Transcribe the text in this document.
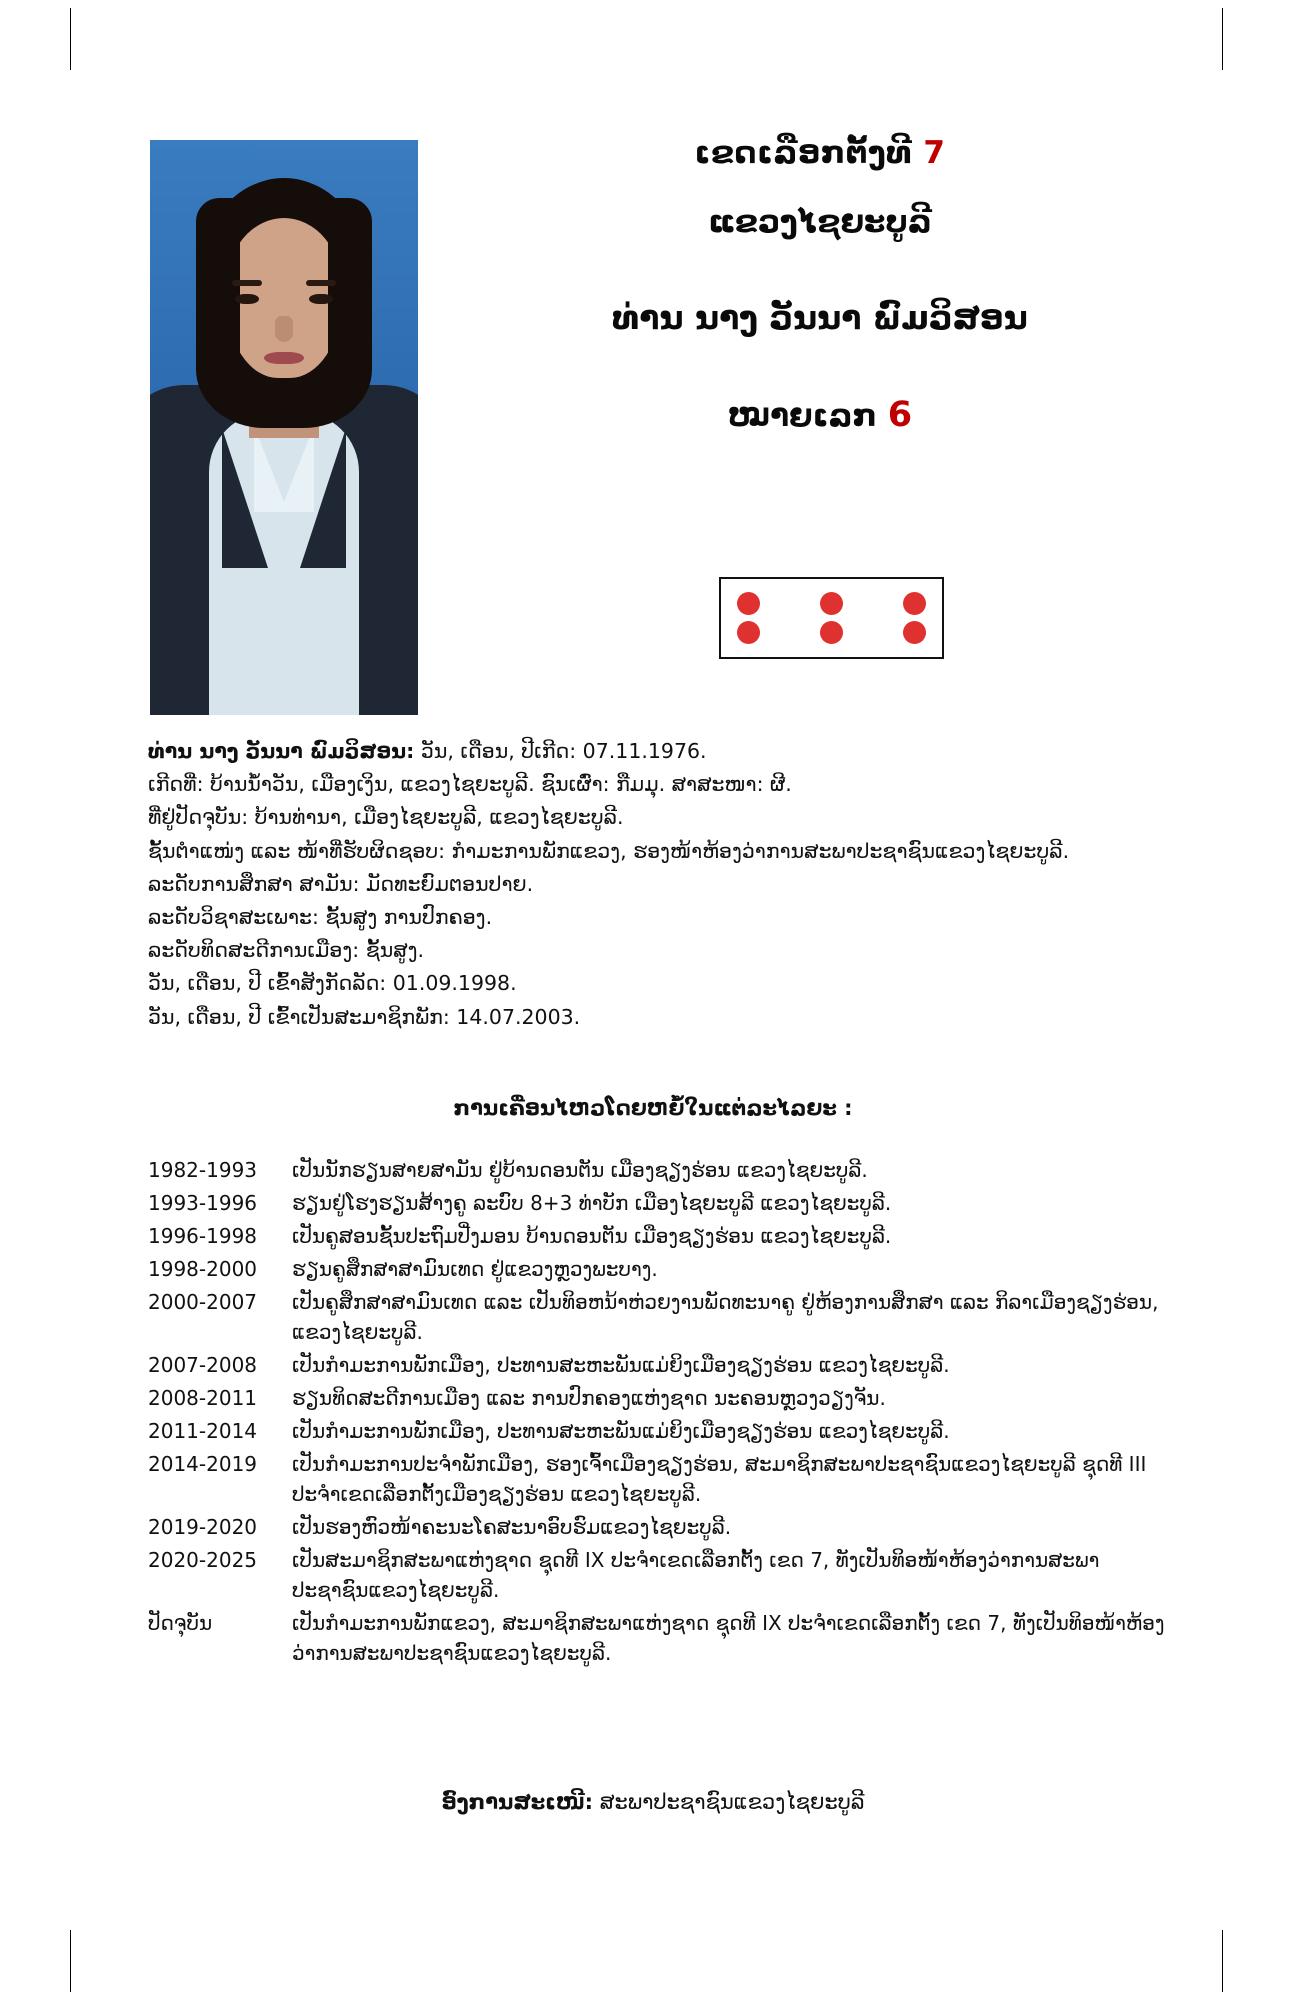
ເຂດເລືອກຕັ້ງທີ 7
ແຂວງໄຊຍະບູລີ
ທ່ານ ນາງ ວັນນາ ພົມວິສອນ
ໝາຍເລກ 6
ທ່ານ ນາງ ວັນນາ ພົມວິສອນ: ວັນ, ເດືອນ, ປີເກີດ: 07.11.1976.
ເກີດທີ່: ບ້ານນ້ຳວັນ, ເມືອງເງິນ, ແຂວງໄຊຍະບູລີ. ຊົນເຜົ່າ: ກືມມຸ. ສາສະໜາ: ຜີ.
ທີ່ຢູ່ປັດຈຸບັນ: ບ້ານທ່ານາ, ເມືອງໄຊຍະບູລີ, ແຂວງໄຊຍະບູລີ.
ຊັ້ນຕຳແໜ່ງ ແລະ ໜ້າທີ່ຮັບຜິດຊອບ: ກຳມະການພັກແຂວງ, ຮອງໜ້າຫ້ອງວ່າການສະພາປະຊາຊົນແຂວງໄຊຍະບູລີ.
ລະດັບການສຶກສາ ສາມັນ: ມັດທະຍົມຕອນປາຍ.
ລະດັບວິຊາສະເພາະ: ຊັ້ນສູງ ການປົກຄອງ.
ລະດັບທິດສະດີການເມືອງ: ຊັ້ນສູງ.
ວັນ, ເດືອນ, ປີ ເຂົ້າສັງກັດລັດ: 01.09.1998.
ວັນ, ເດືອນ, ປີ ເຂົ້າເປັນສະມາຊິກພັກ: 14.07.2003.
ການເຄື່ອນໄຫວໂດຍຫຍໍ້ໃນແຕ່ລະໄລຍະ :
1982-1993	ເປັນນັກຮຽນສາຍສາມັນ ຢູ່ບ້ານດອນຕັນ ເມືອງຊຽງຮ່ອນ ແຂວງໄຊຍະບູລີ.
1993-1996	ຮຽນຢູ່ໂຮງຮຽນສ້າງຄູ ລະບົບ 8+3 ທ່າບັກ ເມືອງໄຊຍະບູລີ ແຂວງໄຊຍະບູລີ.
1996-1998	ເປັນຄູສອນຊັ້ນປະຖົມປີ່ງມອນ ບ້ານດອນຕັນ ເມືອງຊຽງຮ່ອນ ແຂວງໄຊຍະບູລີ.
1998-2000	ຮຽນຄູສຶກສາສາມົນເທດ ຢູ່ແຂວງຫຼວງພະບາງ.
2000-2007	ເປັນຄູສຶກສາສາມົນເທດ ແລະ ເປັນທິອຫນ້າຫ່ວຍງານພັດທະນາຄູ ຢູ່ຫ້ອງການສຶກສາ ແລະ ກິລາເມືອງຊຽງຮ່ອນ, ແຂວງໄຊຍະບູລີ.
2007-2008	ເປັນກຳມະການພັກເມືອງ, ປະທານສະຫະພັນແມ່ຍິງເມືອງຊຽງຮ່ອນ ແຂວງໄຊຍະບູລີ.
2008-2011	ຮຽນທິດສະດີການເມືອງ ແລະ ການປົກຄອງແຫ່ງຊາດ ນະຄອນຫຼວງວຽງຈັນ.
2011-2014	ເປັນກຳມະການພັກເມືອງ, ປະທານສະຫະພັນແມ່ຍິງເມືອງຊຽງຮ່ອນ ແຂວງໄຊຍະບູລີ.
2014-2019	ເປັນກຳມະການປະຈຳພັກເມືອງ, ຮອງເຈົ້າເມືອງຊຽງຮ່ອນ, ສະມາຊິກສະພາປະຊາຊົນແຂວງໄຊຍະບູລີ ຊຸດທີ III ປະຈຳເຂດເລືອກຕັ້ງເມືອງຊຽງຮ່ອນ ແຂວງໄຊຍະບູລີ.
2019-2020	ເປັນຮອງຫົວໜ້າຄະນະໂຄສະນາອົບຮົມແຂວງໄຊຍະບູລີ.
2020-2025	ເປັນສະມາຊິກສະພາແຫ່ງຊາດ ຊຸດທີ IX ປະຈຳເຂດເລືອກຕັ້ງ ເຂດ 7, ທັງເປັນທິອໜ້າຫ້ອງວ່າການສະພາປະຊາຊົນແຂວງໄຊຍະບູລີ.
ປັດຈຸບັນ	ເປັນກຳມະການພັກແຂວງ, ສະມາຊິກສະພາແຫ່ງຊາດ ຊຸດທີ IX ປະຈຳເຂດເລືອກຕັ້ງ ເຂດ 7, ທັງເປັນທິອໜ້າຫ້ອງວ່າການສະພາປະຊາຊົນແຂວງໄຊຍະບູລີ.
ອົງການສະເໜີ: ສະພາປະຊາຊົນແຂວງໄຊຍະບູລີ
